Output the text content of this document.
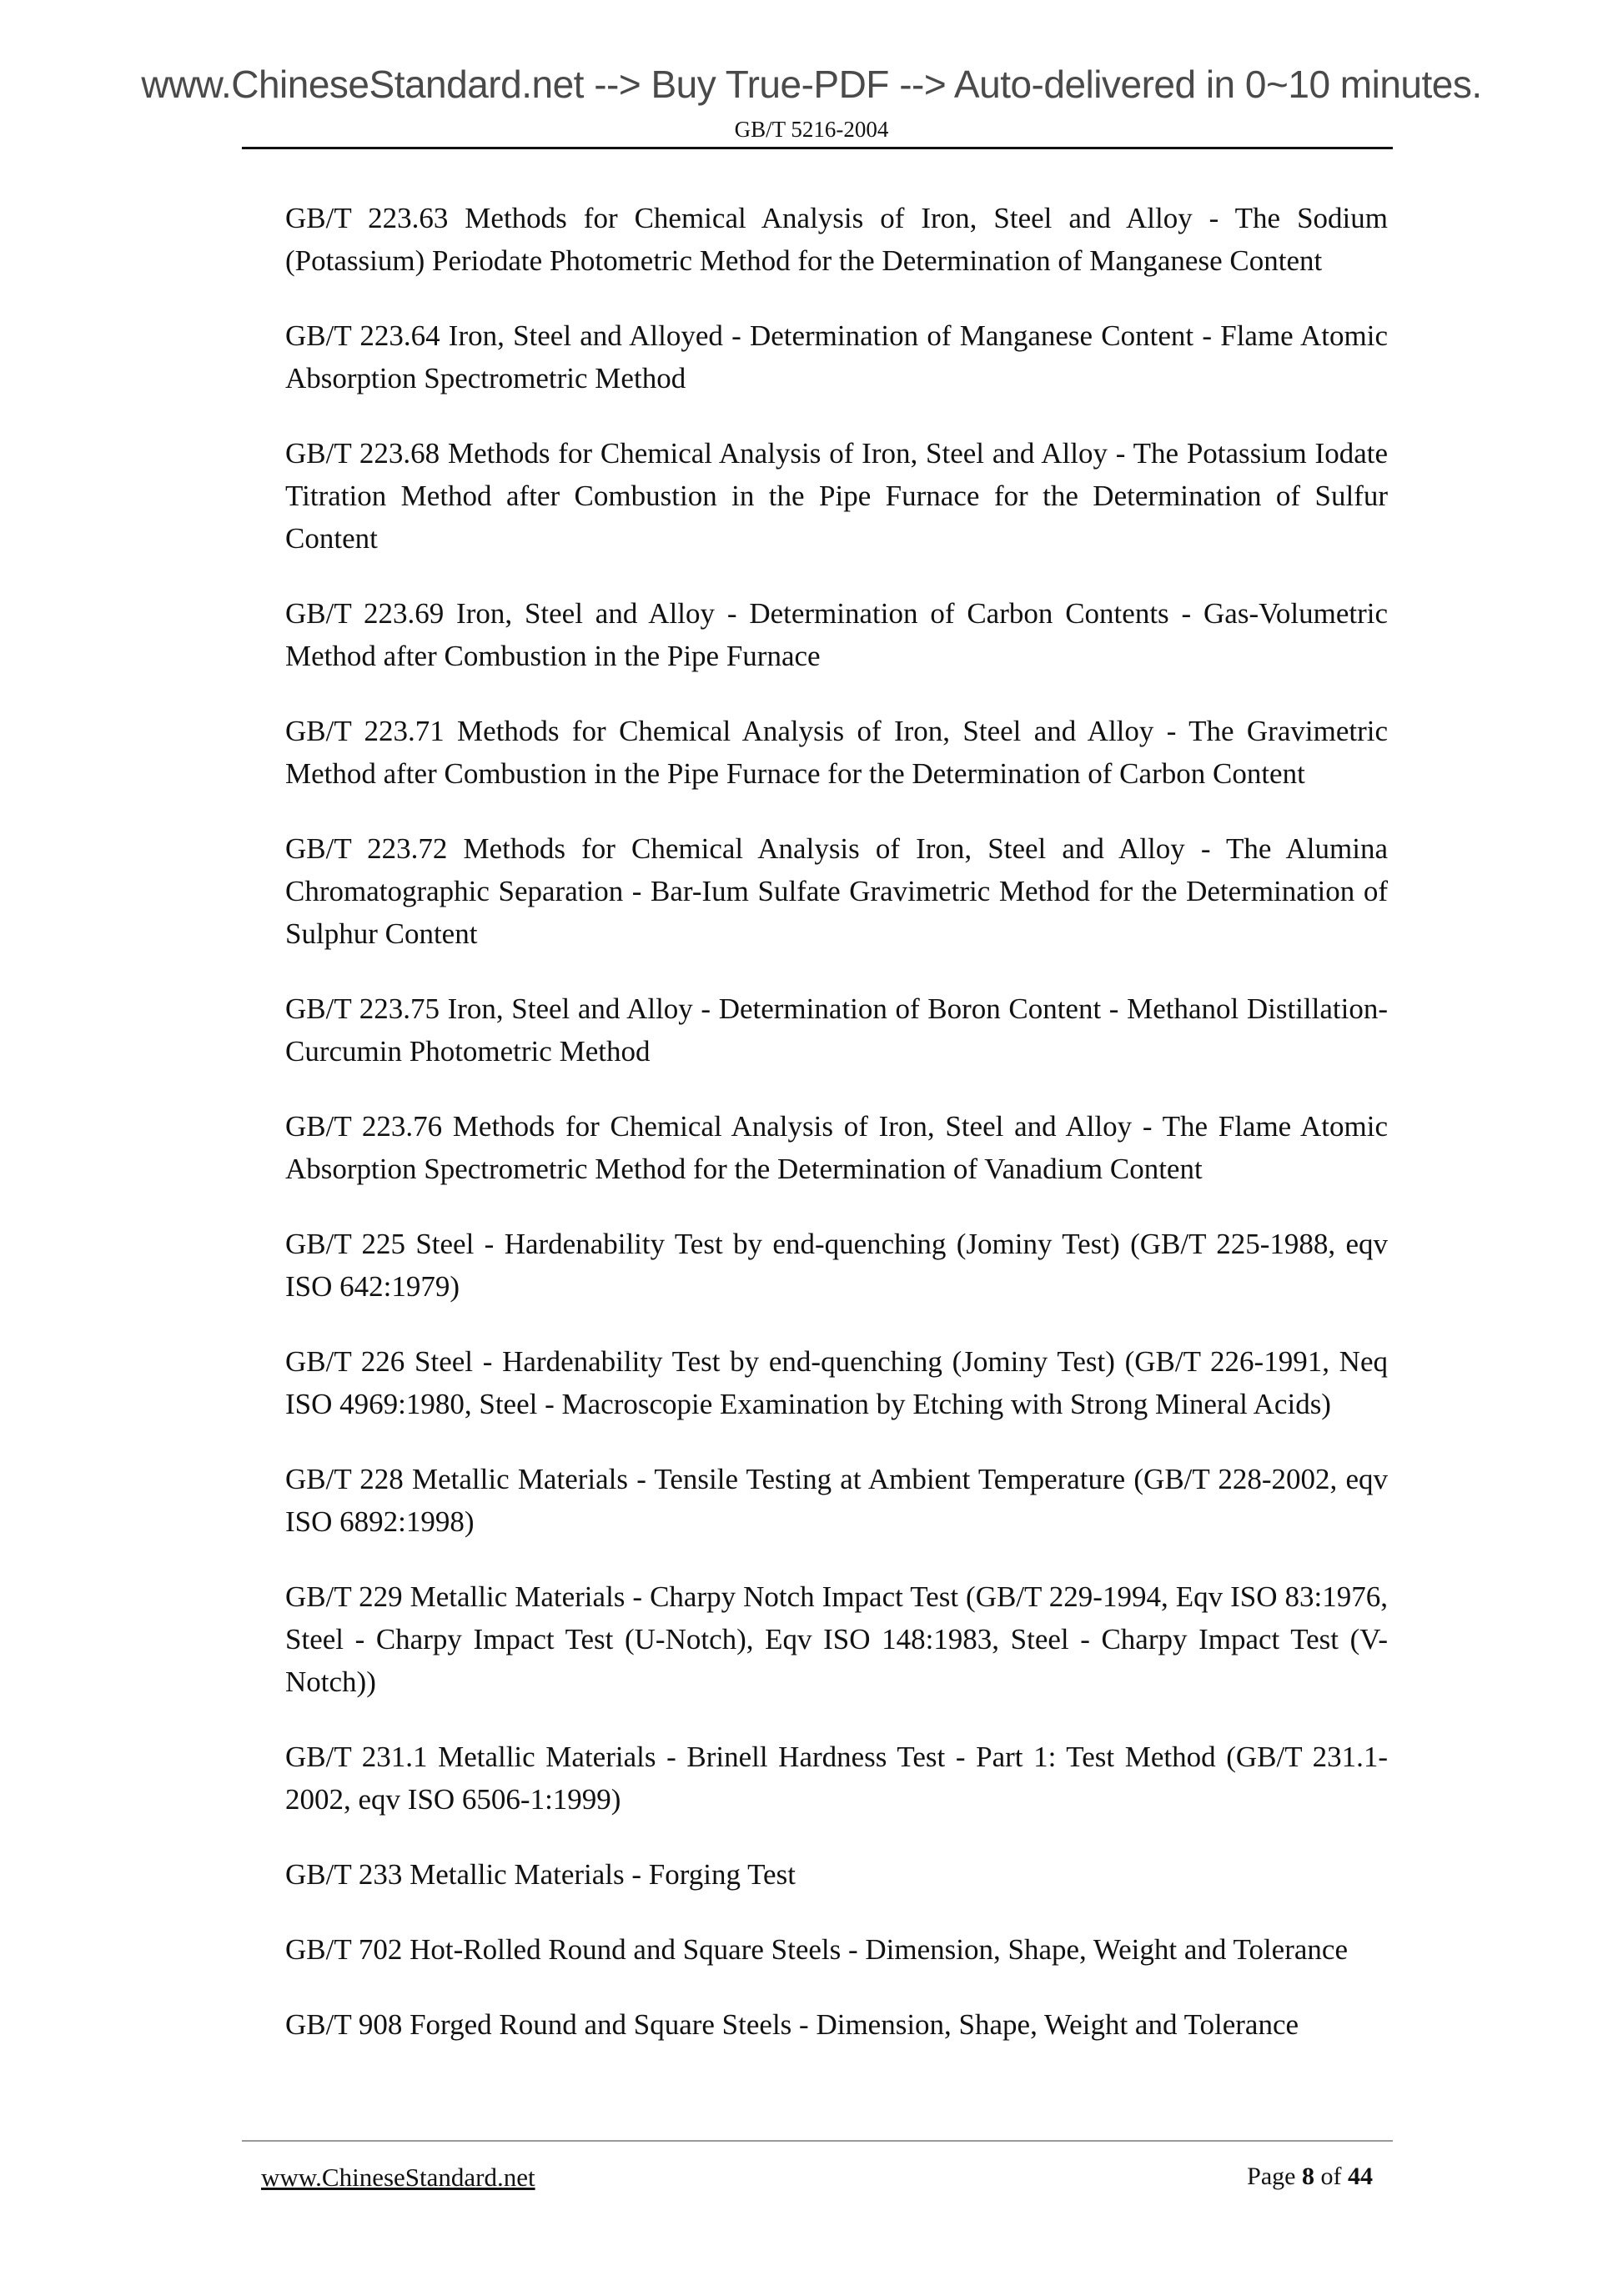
www.ChineseStandard.net --> Buy True-PDF --> Auto-delivered in 0~10 minutes.
GB/T 5216-2004

GB/T 223.63 Methods for Chemical Analysis of Iron, Steel and Alloy - The Sodium (Potassium) Periodate Photometric Method for the Determination of Manganese Content

GB/T 223.64 Iron, Steel and Alloyed - Determination of Manganese Content - Flame Atomic Absorption Spectrometric Method

GB/T 223.68 Methods for Chemical Analysis of Iron, Steel and Alloy - The Potassium Iodate Titration Method after Combustion in the Pipe Furnace for the Determination of Sulfur Content

GB/T 223.69 Iron, Steel and Alloy - Determination of Carbon Contents - Gas-Volumetric Method after Combustion in the Pipe Furnace

GB/T 223.71 Methods for Chemical Analysis of Iron, Steel and Alloy - The Gravimetric Method after Combustion in the Pipe Furnace for the Determination of Carbon Content

GB/T 223.72 Methods for Chemical Analysis of Iron, Steel and Alloy - The Alumina Chromatographic Separation - Bar-Ium Sulfate Gravimetric Method for the Determination of Sulphur Content

GB/T 223.75 Iron, Steel and Alloy - Determination of Boron Content - Methanol Distillation-Curcumin Photometric Method

GB/T 223.76 Methods for Chemical Analysis of Iron, Steel and Alloy - The Flame Atomic Absorption Spectrometric Method for the Determination of Vanadium Content

GB/T 225 Steel - Hardenability Test by end-quenching (Jominy Test) (GB/T 225-1988, eqv ISO 642:1979)

GB/T 226 Steel - Hardenability Test by end-quenching (Jominy Test) (GB/T 226-1991, Neq ISO 4969:1980, Steel - Macroscopie Examination by Etching with Strong Mineral Acids)

GB/T 228 Metallic Materials - Tensile Testing at Ambient Temperature (GB/T 228-2002, eqv ISO 6892:1998)

GB/T 229 Metallic Materials - Charpy Notch Impact Test (GB/T 229-1994, Eqv ISO 83:1976, Steel - Charpy Impact Test (U-Notch), Eqv ISO 148:1983, Steel - Charpy Impact Test (V-Notch))

GB/T 231.1 Metallic Materials - Brinell Hardness Test - Part 1: Test Method (GB/T 231.1-2002, eqv ISO 6506-1:1999)

GB/T 233 Metallic Materials - Forging Test

GB/T 702 Hot-Rolled Round and Square Steels - Dimension, Shape, Weight and Tolerance

GB/T 908 Forged Round and Square Steels - Dimension, Shape, Weight and Tolerance

www.ChineseStandard.net	Page 8 of 44
